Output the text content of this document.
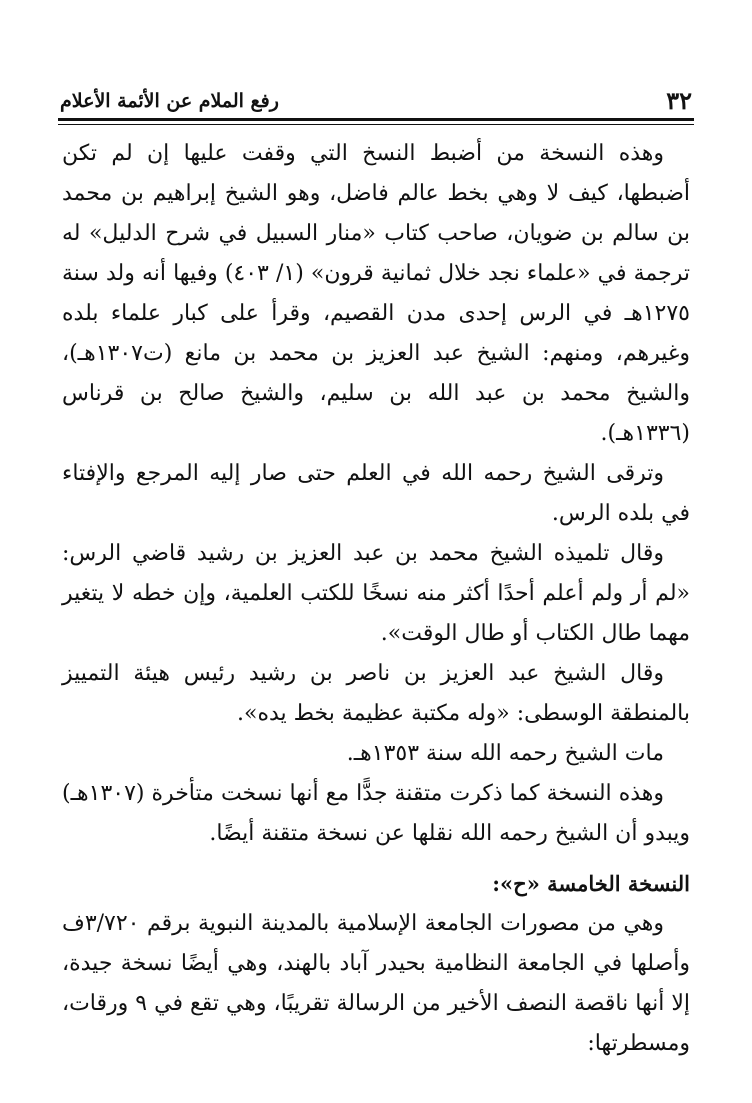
٣٢
رفع الملام عن الأئمة الأعلام

وهذه النسخة من أضبط النسخ التي وقفت عليها إن لم تكن أضبطها، كيف لا وهي بخط عالم فاضل، وهو الشيخ إبراهيم بن محمد بن سالم بن ضويان، صاحب كتاب «منار السبيل في شرح الدليل» له ترجمة في «علماء نجد خلال ثمانية قرون» (١/ ٤٠٣) وفيها أنه ولد سنة ١٢٧٥هـ في الرس إحدى مدن القصيم، وقرأ على كبار علماء بلده وغيرهم، ومنهم: الشيخ عبد العزيز بن محمد بن مانع (ت١٣٠٧هـ)، والشيخ محمد بن عبد الله بن سليم، والشيخ صالح بن قرناس (١٣٣٦هـ).

وترقى الشيخ رحمه الله في العلم حتى صار إليه المرجع والإفتاء في بلده الرس.

وقال تلميذه الشيخ محمد بن عبد العزيز بن رشيد قاضي الرس: «لم أر ولم أعلم أحدًا أكثر منه نسخًا للكتب العلمية، وإن خطه لا يتغير مهما طال الكتاب أو طال الوقت».

وقال الشيخ عبد العزيز بن ناصر بن رشيد رئيس هيئة التمييز بالمنطقة الوسطى: «وله مكتبة عظيمة بخط يده».

مات الشيخ رحمه الله سنة ١٣٥٣هـ.

وهذه النسخة كما ذكرت متقنة جدًّا مع أنها نسخت متأخرة (١٣٠٧هـ) ويبدو أن الشيخ رحمه الله نقلها عن نسخة متقنة أيضًا.

النسخة الخامسة «ح»:

وهي من مصورات الجامعة الإسلامية بالمدينة النبوية برقم ٣/٧٢٠ف وأصلها في الجامعة النظامية بحيدر آباد بالهند، وهي أيضًا نسخة جيدة، إلا أنها ناقصة النصف الأخير من الرسالة تقريبًا، وهي تقع في ٩ ورقات، ومسطرتها:
